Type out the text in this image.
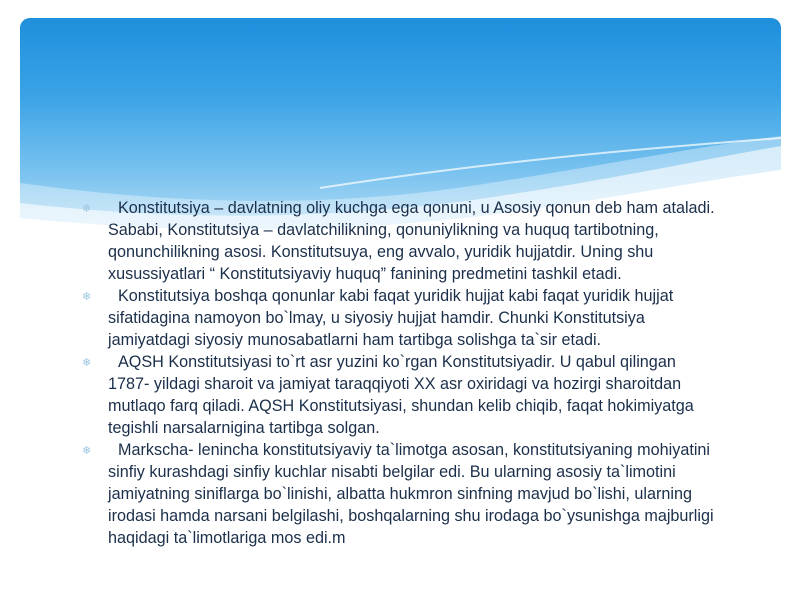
❄	Konstitutsiya – davlatning oliy kuchga ega qonuni, u Asosiy qonun deb ham ataladi. Sababi, Konstitutsiya – davlatchilikning, qonuniylikning va huquq tartibotning, qonunchilikning asosi. Konstitutsuya, eng avvalo, yuridik hujjatdir. Uning shu xusussiyatlari “ Konstitutsiyaviy huquq” fanining predmetini tashkil etadi.
❄	Konstitutsiya boshqa qonunlar kabi faqat yuridik hujjat kabi faqat yuridik hujjat sifatidagina namoyon bo`lmay, u siyosiy hujjat hamdir. Chunki Konstitutsiya jamiyatdagi siyosiy munosabatlarni ham tartibga solishga ta`sir etadi.
❄	AQSH Konstitutsiyasi to`rt asr yuzini ko`rgan Konstitutsiyadir. U qabul qilingan 1787- yildagi sharoit va jamiyat taraqqiyoti XX asr oxiridagi va hozirgi sharoitdan mutlaqo farq qiladi. AQSH Konstitutsiyasi, shundan kelib chiqib, faqat hokimiyatga tegishli narsalarnigina tartibga solgan.
❄	Markscha- lenincha konstitutsiyaviy ta`limotga asosan, konstitutsiyaning mohiyatini sinfiy kurashdagi sinfiy kuchlar nisabti belgilar edi. Bu ularning asosiy ta`limotini jamiyatning siniflarga bo`linishi, albatta hukmron sinfning mavjud bo`lishi, ularning irodasi hamda narsani belgilashi, boshqalarning shu irodaga bo`ysunishga majburligi haqidagi ta`limotlariga mos edi.m
